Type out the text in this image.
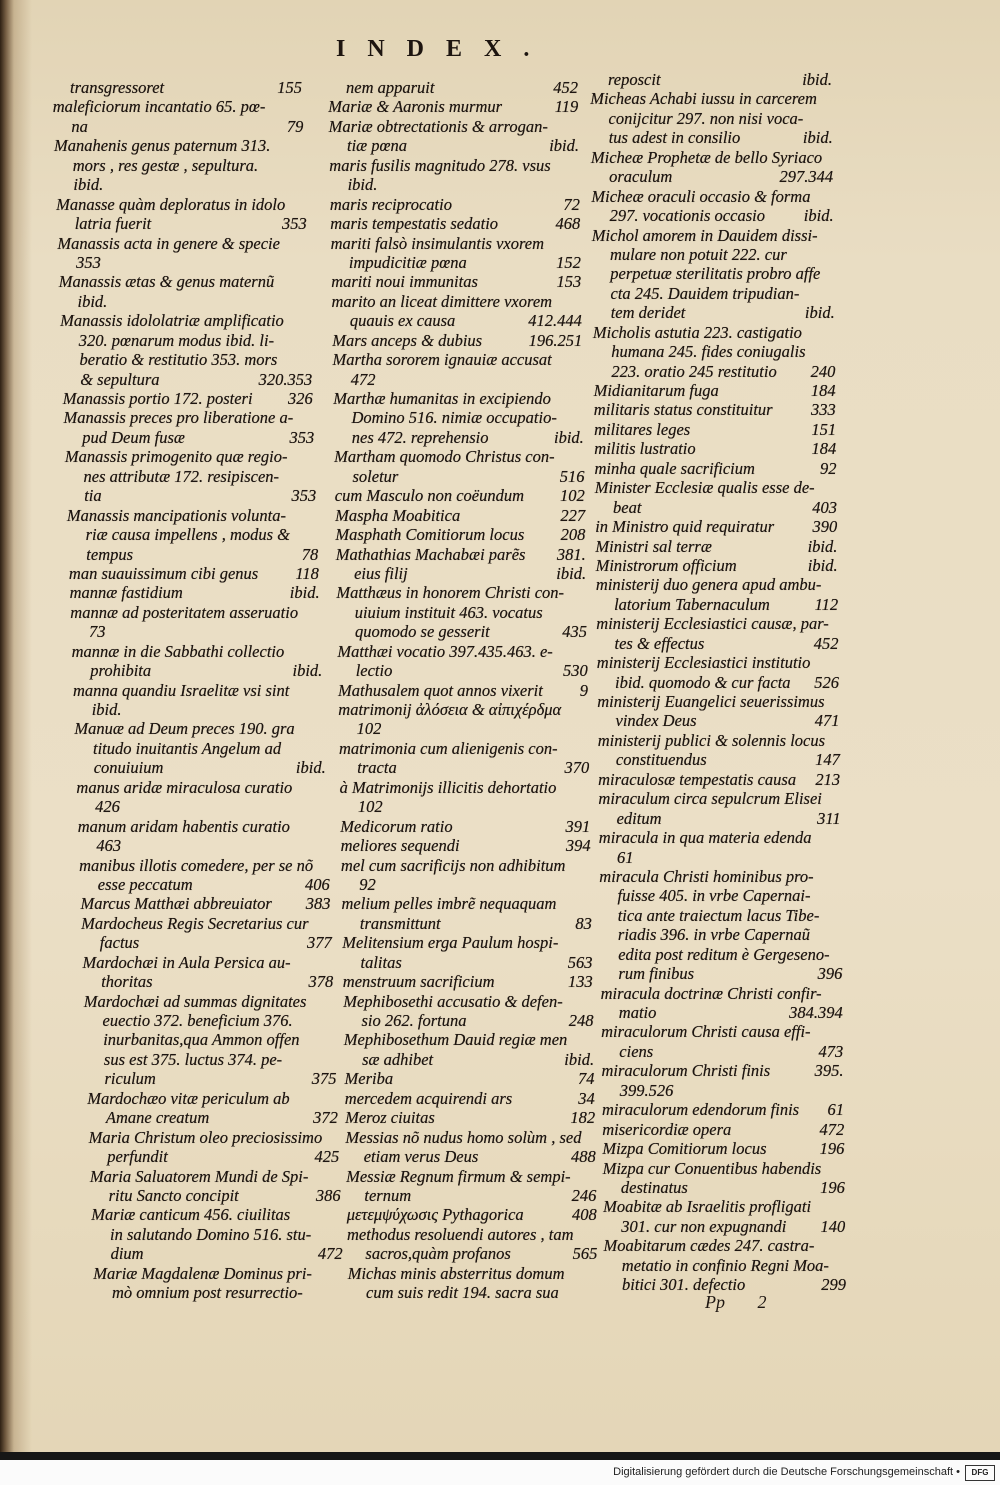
INDEX.
transgressoret	155
maleficiorum incantatio 65. pœ-
na	79
Manahenis genus paternum 313.
mors , res gestæ , sepultura.
ibid.
Manasse quàm deploratus in idolo
latria fuerit	353
Manassis acta in genere & specie
353
Manassis ætas & genus maternũ
ibid.
Manassis idololatriæ amplificatio
320. pœnarum modus ibid. li-
beratio & restitutio 353. mors
& sepultura	320.353
Manassis portio 172. posteri	326
Manassis preces pro liberatione a-
pud Deum fusæ	353
Manassis primogenito quæ regio-
nes attributæ 172. resipiscen-
tia	353
Manassis mancipationis volunta-
riæ causa impellens , modus &
tempus	78
man suauissimum cibi genus	118
mannæ fastidium	ibid.
mannæ ad posteritatem asseruatio
73
mannæ in die Sabbathi collectio
prohibita	ibid.
manna quandiu Israelitæ vsi sint
ibid.
Manuæ ad Deum preces 190. gra
titudo inuitantis Angelum ad
conuiuium	ibid.
manus aridæ miraculosa curatio
426
manum aridam habentis curatio
463
manibus illotis comedere, per se nõ
esse peccatum	406
Marcus Matthæi abbreuiator	383
Mardocheus Regis Secretarius cur
factus	377
Mardochæi in Aula Persica au-
thoritas	378
Mardochæi ad summas dignitates
euectio 372. beneficium 376.
inurbanitas,qua Ammon offen
sus est 375. luctus 374. pe-
riculum	375
Mardochæo vitæ periculum ab
Amane creatum	372
Maria Christum oleo preciosissimo
perfundit	425
Maria Saluatorem Mundi de Spi-
ritu Sancto concipit	386
Mariæ canticum 456. ciuilitas
in salutando Domino 516. stu-
dium	472
Mariæ Magdalenæ Dominus pri-
mò omnium post resurrectio-
nem apparuit	452
Mariæ & Aaronis murmur	119
Mariæ obtrectationis & arrogan-
tiæ pœna	ibid.
maris fusilis magnitudo 278. vsus
ibid.
maris reciprocatio	72
maris tempestatis sedatio	468
mariti falsò insimulantis vxorem
impudicitiæ pœna	152
mariti noui immunitas	153
marito an liceat dimittere vxorem
quauis ex causa	412.444
Mars anceps & dubius	196.251
Martha sororem ignauiæ accusat
472
Marthæ humanitas in excipiendo
Domino 516. nimiæ occupatio-
nes 472. reprehensio	ibid.
Martham quomodo Christus con-
soletur	516
cum Masculo non coëundum	102
Maspha Moabitica	227
Masphath Comitiorum locus	208
Mathathias Machabæi parẽs	381.
eius filij	ibid.
Matthæus in honorem Christi con-
uiuium instituit 463. vocatus
quomodo se gesserit	435
Matthæi vocatio 397.435.463. e-
lectio	530
Mathusalem quot annos vixerit	9
matrimonij ἀλόσεια & αἰπιχέρδμα
102
matrimonia cum alienigenis con-
tracta	370
à Matrimonijs illicitis dehortatio
102
Medicorum ratio	391
meliores sequendi	394
mel cum sacrificijs non adhibitum
92
melium pelles imbrẽ nequaquam
transmittunt	83
Melitensium erga Paulum hospi-
talitas	563
menstruum sacrificium	133
Mephibosethi accusatio & defen-
sio 262. fortuna	248
Mephibosethum Dauid regiæ men
sæ adhibet	ibid.
Meriba	74
mercedem acquirendi ars	34
Meroz ciuitas	182
Messias nõ nudus homo solùm , sed
etiam verus Deus	488
Messiæ Regnum firmum & sempi-
ternum	246
μετεμψύχωσις Pythagorica	408
methodus resoluendi autores , tam
sacros,quàm profanos	565
Michas minis absterritus domum
cum suis redit 194. sacra sua
reposcit	ibid.
Micheas Achabi iussu in carcerem
conijcitur 297. non nisi voca-
tus adest in consilio	ibid.
Micheæ Prophetæ de bello Syriaco
oraculum	297.344
Micheæ oraculi occasio & forma
297. vocationis occasio	ibid.
Michol amorem in Dauidem dissi-
mulare non potuit 222. cur
perpetuæ sterilitatis probro affe
cta 245. Dauidem tripudian-
tem deridet	ibid.
Micholis astutia 223. castigatio
humana 245. fides coniugalis
223. oratio 245 restitutio	240
Midianitarum fuga	184
militaris status constituitur	333
militares leges	151
militis lustratio	184
minha quale sacrificium	92
Minister Ecclesiæ qualis esse de-
beat	403
in Ministro quid requiratur	390
Ministri sal terræ	ibid.
Ministrorum officium	ibid.
ministerij duo genera apud ambu-
latorium Tabernaculum	112
ministerij Ecclesiastici causæ, par-
tes & effectus	452
ministerij Ecclesiastici institutio
ibid. quomodo & cur facta	526
ministerij Euangelici seuerissimus
vindex Deus	471
ministerij publici & solennis locus
constituendus	147
miraculosæ tempestatis causa	213
miraculum circa sepulcrum Elisei
editum	311
miracula in qua materia edenda
61
miracula Christi hominibus pro-
fuisse 405. in vrbe Capernai-
tica ante traiectum lacus Tibe-
riadis 396. in vrbe Capernaũ
edita post reditum è Gergeseno-
rum finibus	396
miracula doctrinæ Christi confir-
matio	384.394
miraculorum Christi causa effi-
ciens	473
miraculorum Christi finis	395.
399.526
miraculorum edendorum finis	61
misericordiæ opera	472
Mizpa Comitiorum locus	196
Mizpa cur Conuentibus habendis
destinatus	196
Moabitæ ab Israelitis profligati
301. cur non expugnandi	140
Moabitarum cædes 247. castra-
metatio in confinio Regni Moa-
bitici 301. defectio	299
Pp 2
Digitalisierung gefördert durch die Deutsche Forschungsgemeinschaft •	DFG
